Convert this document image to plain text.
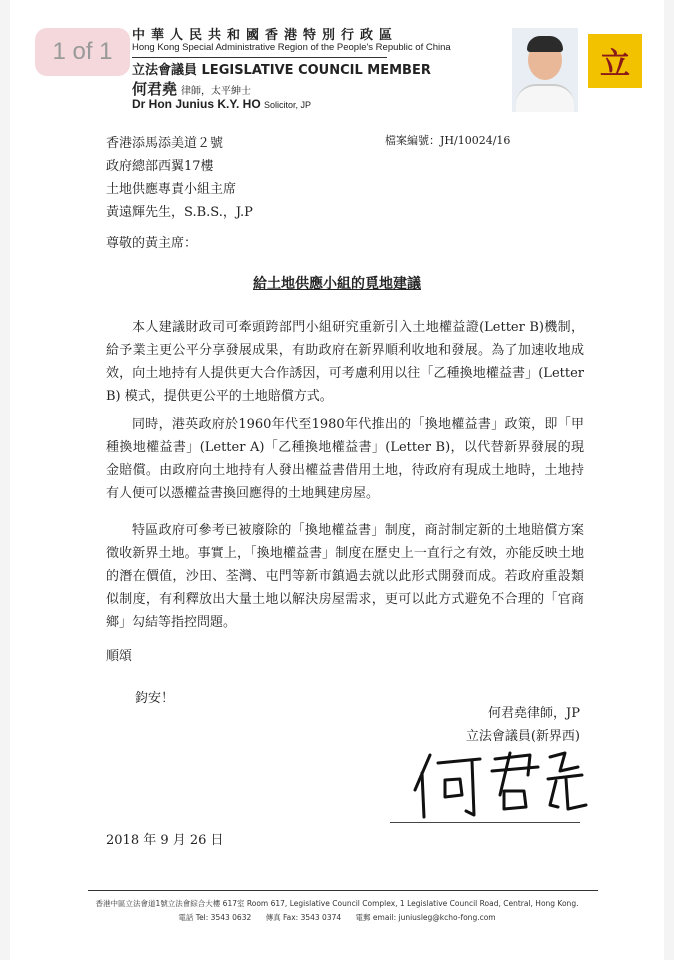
1 of 1
中華人民共和國香港特別行政區
Hong Kong Special Administrative Region of the People's Republic of China
立法會議員 LEGISLATIVE COUNCIL MEMBER
何君堯 律師，太平紳士
Dr Hon Junius K.Y. HO Solicitor, JP
立
香港添馬添美道２號
政府總部西翼17樓
土地供應專責小組主席
黃遠輝先生，S.B.S.，J.P
檔案編號：JH/10024/16
尊敬的黃主席：
給土地供應小組的覓地建議
本人建議財政司可牽頭跨部門小組研究重新引入土地權益證(Letter B)機制，給予業主更公平分享發展成果，有助政府在新界順利收地和發展。為了加速收地成效，向土地持有人提供更大合作誘因，可考慮利用以往「乙種換地權益書」(Letter B) 模式，提供更公平的土地賠償方式。
同時，港英政府於1960年代至1980年代推出的「換地權益書」政策，即「甲種換地權益書」(Letter A)「乙種換地權益書」(Letter B)，以代替新界發展的現金賠償。由政府向土地持有人發出權益書借用土地，待政府有現成土地時，土地持有人便可以憑權益書換回應得的土地興建房屋。
特區政府可參考已被廢除的「換地權益書」制度，商討制定新的土地賠償方案徵收新界土地。事實上，「換地權益書」制度在歷史上一直行之有效，亦能反映土地的潛在價值，沙田、荃灣、屯門等新市鎮過去就以此形式開發而成。若政府重設類似制度，有利釋放出大量土地以解決房屋需求，更可以此方式避免不合理的「官商鄉」勾結等指控問題。
順頌
鈞安！
何君堯律師，JP
立法會議員(新界西)
2018 年 9 月 26 日
香港中區立法會道1號立法會綜合大樓 617室 Room 617, Legislative Council Complex, 1 Legislative Council Road, Central, Hong Kong.
電話 Tel: 3543 0632 傳真 Fax: 3543 0374 電郵 email: juniusleg@kcho-fong.com
